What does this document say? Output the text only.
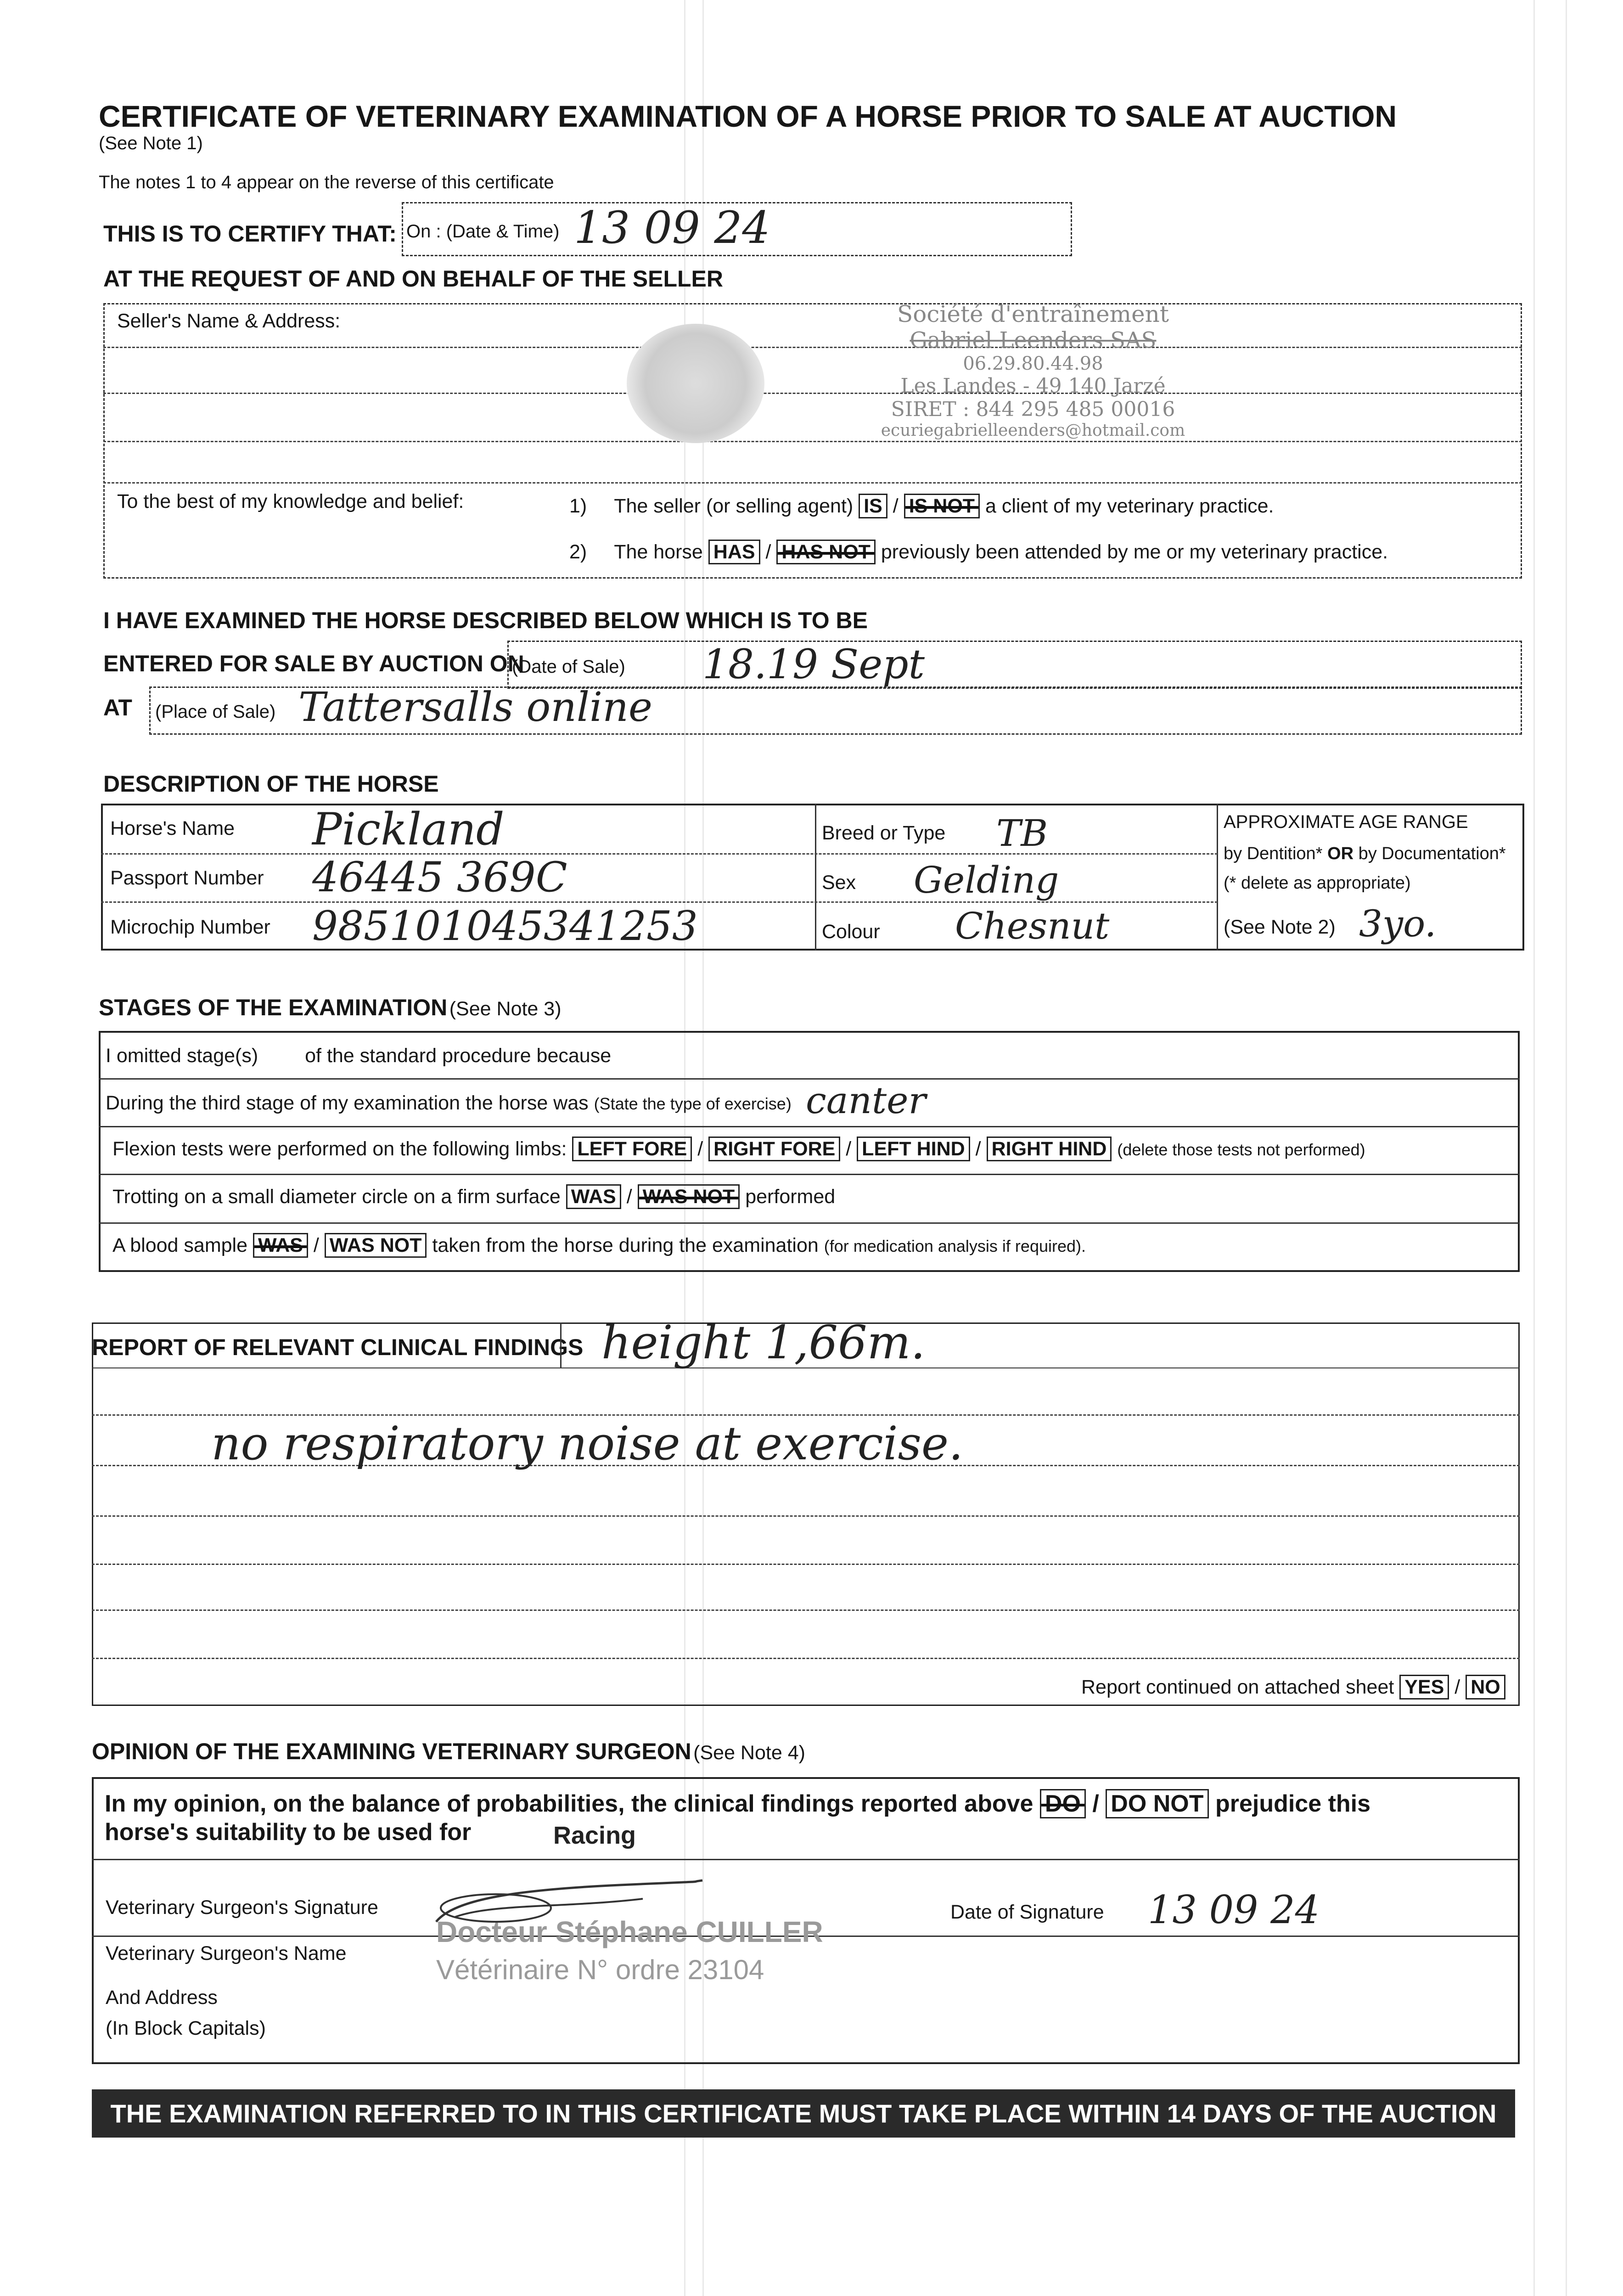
CERTIFICATE OF VETERINARY EXAMINATION OF A HORSE PRIOR TO SALE AT AUCTION
(See Note 1)
The notes 1 to 4 appear on the reverse of this certificate
THIS IS TO CERTIFY THAT: On : (Date & Time) 13 09 24
AT THE REQUEST OF AND ON BEHALF OF THE SELLER
Seller's Name & Address:	Société d'entraînement
Gabriel Leenders SAS
06.29.80.44.98
Les Landes - 49 140 Jarzé
SIRET : 844 295 485 00016
ecuriegabrielleenders@hotmail.com
To the best of my knowledge and belief:	1) The seller (or selling agent) IS / IS NOT a client of my veterinary practice.
2) The horse HAS / HAS NOT previously been attended by me or my veterinary practice.
I HAVE EXAMINED THE HORSE DESCRIBED BELOW WHICH IS TO BE
ENTERED FOR SALE BY AUCTION ON
(Date of Sale) 18.19 Sept
AT (Place of Sale) Tattersalls online
DESCRIPTION OF THE HORSE
Horse's Name Pickland
Passport Number 46445 369C
Microchip Number 985101045341253
Breed or Type TB
Sex Gelding
Colour Chesnut
APPROXIMATE AGE RANGE
by Dentition* OR by Documentation*
(* delete as appropriate)
(See Note 2) 3yo.
STAGES OF THE EXAMINATION (See Note 3)
I omitted stage(s) of the standard procedure because
During the third stage of my examination the horse was (State the type of exercise) canter
Flexion tests were performed on the following limbs: LEFT FORE / RIGHT FORE / LEFT HIND / RIGHT HIND (delete those tests not performed)
Trotting on a small diameter circle on a firm surface WAS / WAS NOT performed
A blood sample WAS / WAS NOT taken from the horse during the examination (for medication analysis if required).
REPORT OF RELEVANT CLINICAL FINDINGS height 1,66m.
no respiratory noise at exercise.
Report continued on attached sheet YES / NO
OPINION OF THE EXAMINING VETERINARY SURGEON (See Note 4)
In my opinion, on the balance of probabilities, the clinical findings reported above DO / DO NOT prejudice this
horse's suitability to be used for	Racing
Veterinary Surgeon's Signature	Date of Signature 13 09 24
Veterinary Surgeon's Name
Docteur Stéphane CUILLER
Vétérinaire N° ordre 23104
And Address
(In Block Capitals)
THE EXAMINATION REFERRED TO IN THIS CERTIFICATE MUST TAKE PLACE WITHIN 14 DAYS OF THE AUCTION
